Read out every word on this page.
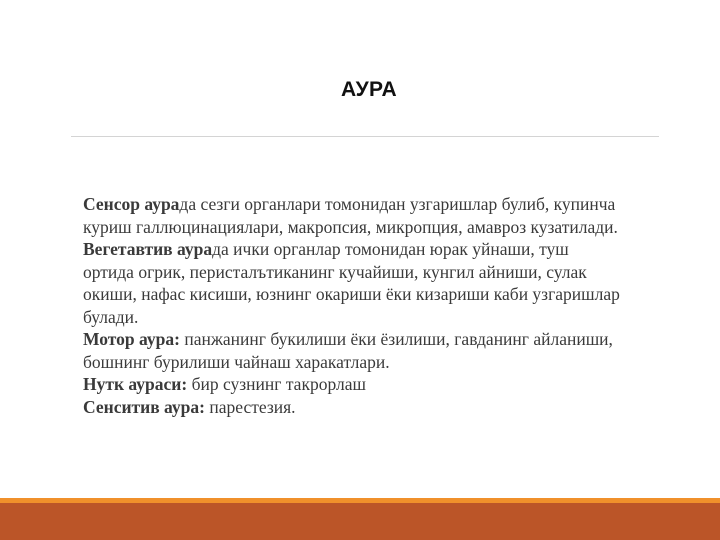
АУРА
Сенсор аурада сезги органлари томонидан узгаришлар булиб, купинча куриш галлюцинациялари, макропсия, микропция, амавроз кузатилади.
Вегетавтив аурада ички органлар томонидан юрак уйнаши, туш ортида огрик, перисталътиканинг кучайиши, кунгил айниши, сулак окиши, нафас кисиши, юзнинг окариши ёки кизариши каби узгаришлар булади.
Мотор аура: панжанинг букилиши ёки ёзилиши, гавданинг айланиши, бошнинг бурилиши чайнаш харакатлари.
Нутк аураси: бир сузнинг такрорлаш
Сенситив аура: парестезия.
